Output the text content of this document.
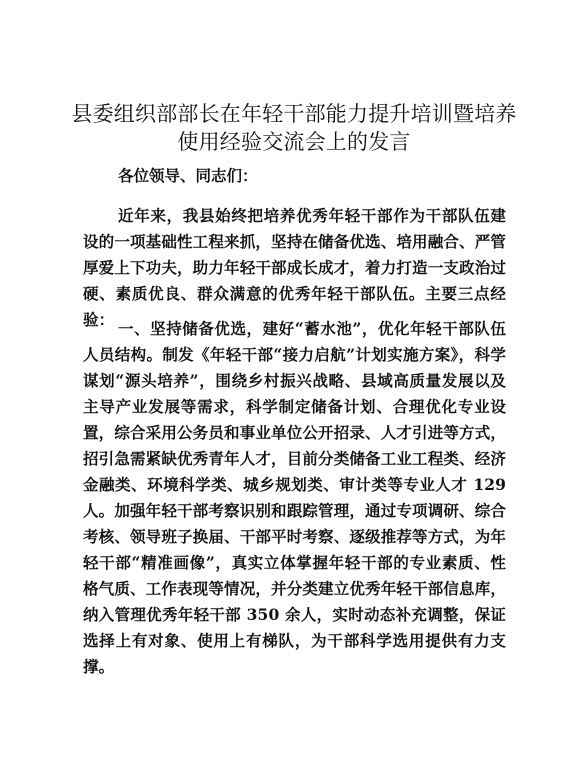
县委组织部部长在年轻干部能力提升培训暨培养使用经验交流会上的发言

各位领导、同志们：

近年来，我县始终把培养优秀年轻干部作为干部队伍建设的一项基础性工程来抓，坚持在储备优选、培用融合、严管厚爱上下功夫，助力年轻干部成长成才，着力打造一支政治过硬、素质优良、群众满意的优秀年轻干部队伍。主要三点经验： 一、坚持储备优选，建好“蓄水池”，优化年轻干部队伍人员结构。制发《年轻干部“接力启航”计划实施方案》，科学谋划“源头培养”，围绕乡村振兴战略、县域高质量发展以及主导产业发展等需求，科学制定储备计划、合理优化专业设置，综合采用公务员和事业单位公开招录、人才引进等方式，招引急需紧缺优秀青年人才，目前分类储备工业工程类、经济金融类、环境科学类、城乡规划类、审计类等专业人才 129 人。加强年轻干部考察识别和跟踪管理，通过专项调研、综合考核、领导班子换届、干部平时考察、逐级推荐等方式，为年轻干部“精准画像”，真实立体掌握年轻干部的专业素质、性格气质、工作表现等情况，并分类建立优秀年轻干部信息库，纳入管理优秀年轻干部 350 余人，实时动态补充调整，保证选择上有对象、使用上有梯队，为干部科学选用提供有力支撑。
